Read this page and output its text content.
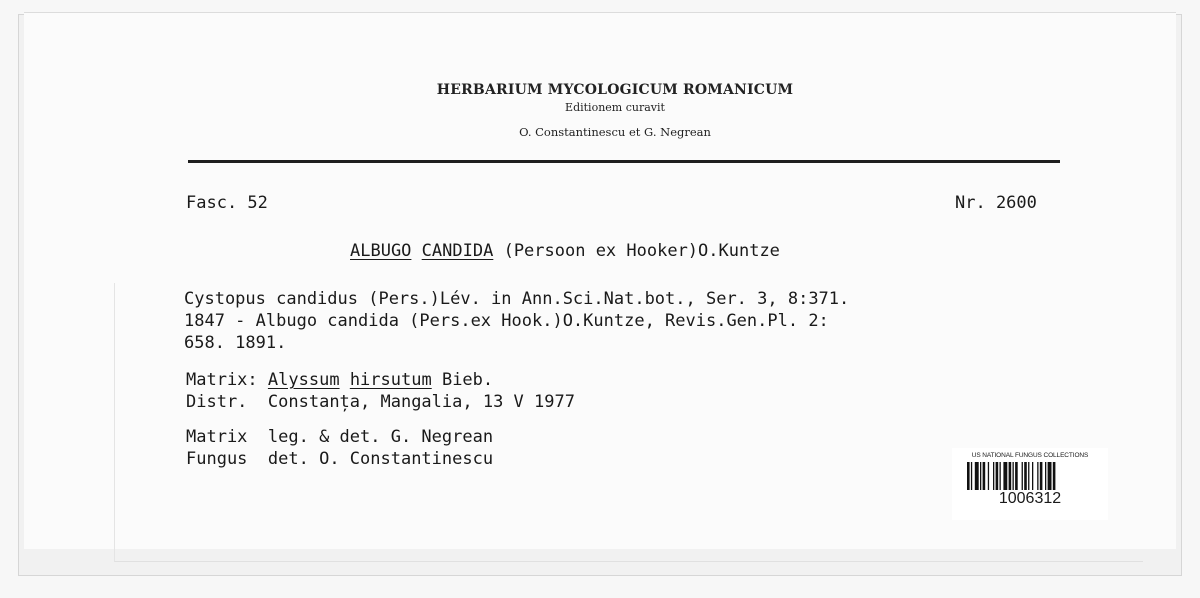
HERBARIUM MYCOLOGICUM ROMANICUM
Editionem curavit
O. Constantinescu et G. Negrean
Fasc. 52	Nr. 2600
ALBUGO CANDIDA (Persoon ex Hooker)O.Kuntze
Cystopus candidus (Pers.)Lév. in Ann.Sci.Nat.bot., Ser. 3, 8:371.
1847 - Albugo candida (Pers.ex Hook.)O.Kuntze, Revis.Gen.Pl. 2:
658. 1891.
Matrix: Alyssum hirsutum Bieb.
Distr. Constanța, Mangalia, 13 V 1977
Matrix leg. & det. G. Negrean
Fungus det. O. Constantinescu	US NATIONAL FUNGUS COLLECTIONS
1006312
